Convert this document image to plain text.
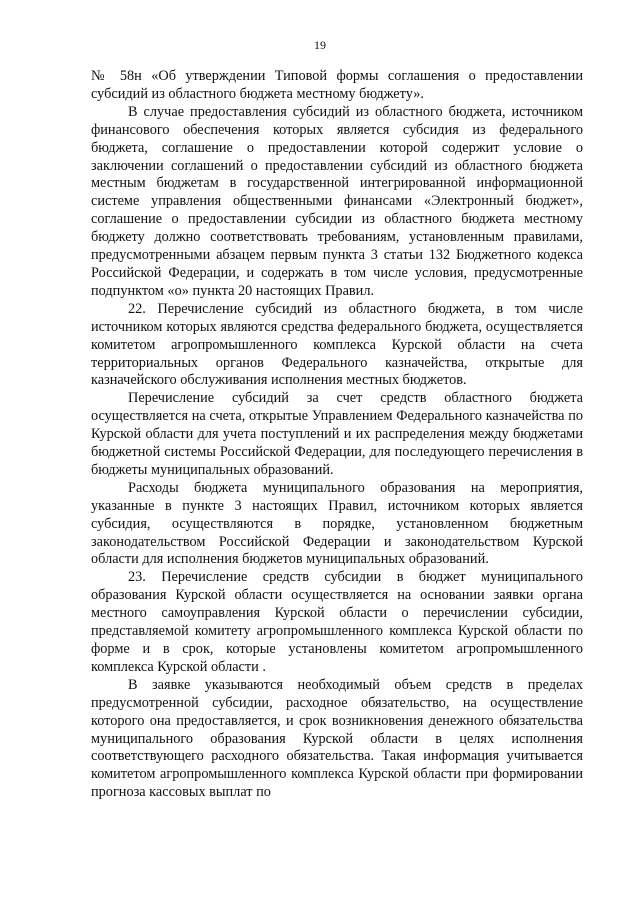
19

№ 58н «Об утверждении Типовой формы соглашения о предоставлении субсидий из областного бюджета местному бюджету».

В случае предоставления субсидий из областного бюджета, источником финансового обеспечения которых является субсидия из федерального бюджета, соглашение о предоставлении которой содержит условие о заключении соглашений о предоставлении субсидий из областного бюджета местным бюджетам в государственной интегрированной информационной системе управления общественными финансами «Электронный бюджет», соглашение о предоставлении субсидии из областного бюджета местному бюджету должно соответствовать требованиям, установленным правилами, предусмотренными абзацем первым пункта 3 статьи 132 Бюджетного кодекса Российской Федерации, и содержать в том числе условия, предусмотренные подпунктом «о» пункта 20 настоящих Правил.

22. Перечисление субсидий из областного бюджета, в том числе источником которых являются средства федерального бюджета, осуществляется комитетом агропромышленного комплекса Курской области на счета территориальных органов Федерального казначейства, открытые для казначейского обслуживания исполнения местных бюджетов.

Перечисление субсидий за счет средств областного бюджета осуществляется на счета, открытые Управлением Федерального казначейства по Курской области для учета поступлений и их распределения между бюджетами бюджетной системы Российской Федерации, для последующего перечисления в бюджеты муниципальных образований.

Расходы бюджета муниципального образования на мероприятия, указанные в пункте 3 настоящих Правил, источником которых является субсидия, осуществляются в порядке, установленном бюджетным законодательством Российской Федерации и законодательством Курской области для исполнения бюджетов муниципальных образований.

23. Перечисление средств субсидии в бюджет муниципального образования Курской области осуществляется на основании заявки органа местного самоуправления Курской области о перечислении субсидии, представляемой комитету агропромышленного комплекса Курской области по форме и в срок, которые установлены комитетом агропромышленного комплекса Курской области .

В заявке указываются необходимый объем средств в пределах предусмотренной субсидии, расходное обязательство, на осуществление которого она предоставляется, и срок возникновения денежного обязательства муниципального образования Курской области в целях исполнения соответствующего расходного обязательства. Такая информация учитывается комитетом агропромышленного комплекса Курской области при формировании прогноза кассовых выплат по
